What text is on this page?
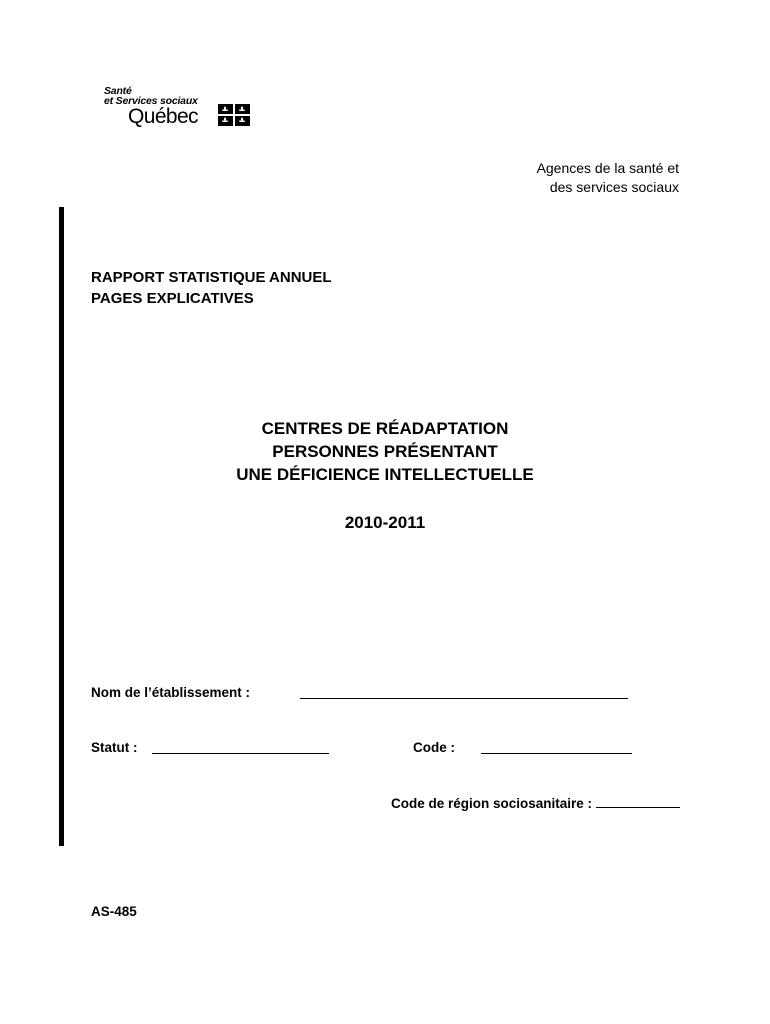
Santé
et Services sociaux
Québec
Agences de la santé et
des services sociaux
RAPPORT STATISTIQUE ANNUEL
PAGES EXPLICATIVES
CENTRES DE RÉADAPTATION
PERSONNES PRÉSENTANT
UNE DÉFICIENCE INTELLECTUELLE
2010-2011
Nom de l’établissement :
Statut :	Code :
Code de région sociosanitaire :
AS-485
